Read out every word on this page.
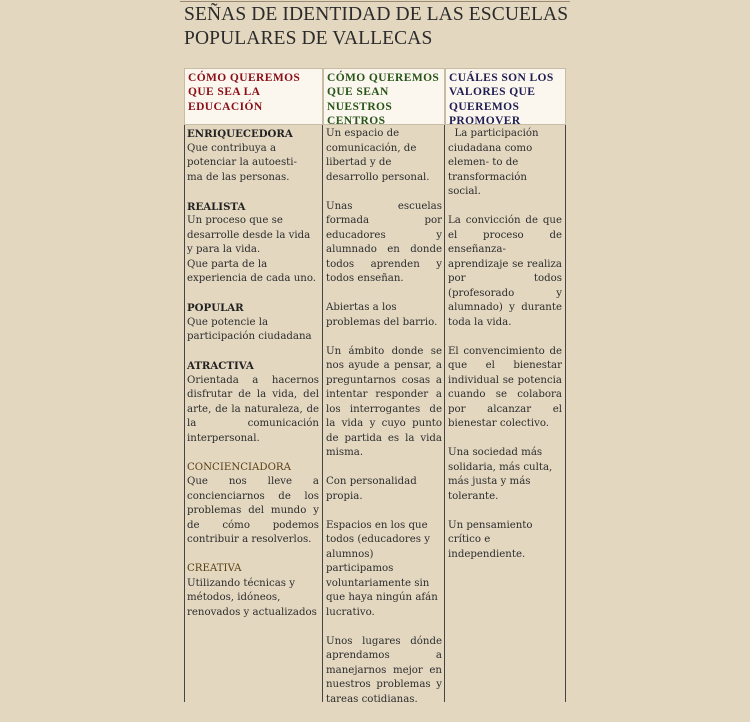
SEÑAS DE IDENTIDAD DE LAS ESCUELAS
POPULARES DE VALLECAS
CÓMO QUEREMOS QUE SEA LA EDUCACIÓN
CÓMO QUEREMOS QUE SEAN NUESTROS CENTROS
CUÁLES SON LOS VALORES QUE QUEREMOS PROMOVER
ENRIQUECEDORA
Que contribuya a
potenciar la autoesti-
ma de las personas.
REALISTA
Un proceso que se desarrolle desde la vida y para la vida.
Que parta de la experiencia de cada uno.
POPULAR
Que potencie la participación ciudadana
ATRACTIVA
Orientada a hacernos disfrutar de la vida, del arte, de la naturaleza, de la comunicación interpersonal.
CONCIENCIADORA
Que nos lleve a concienciarnos de los problemas del mundo y de cómo podemos contribuir a resolverlos.
CREATIVA
Utilizando técnicas y métodos, idóneos, renovados y actualizados
Un espacio de comunicación, de libertad y de desarrollo personal.
Unas escuelas formada por educadores y alumnado en donde todos aprenden y todos enseñan.
Abiertas a los problemas del barrio.
Un ámbito donde se nos ayude a pensar, a preguntarnos cosas a intentar responder a los interrogantes de la vida y cuyo punto de partida es la vida misma.
Con personalidad propia.
Espacios en los que todos (educadores y alumnos) participamos voluntariamente sin que haya ningún afán lucrativo.
Unos lugares dónde aprendamos a manejarnos mejor en nuestros problemas y tareas cotidianas.
La participación ciudadana como elemen- to de transformación social.
La convicción de que el proceso de enseñanza-aprendizaje se realiza por todos (profesorado y alumnado) y durante toda la vida.
El convencimiento de que el bienestar individual se potencia cuando se colabora por alcanzar el bienestar colectivo.
Una sociedad más solidaria, más culta, más justa y más tolerante.
Un pensamiento crítico e independiente.
